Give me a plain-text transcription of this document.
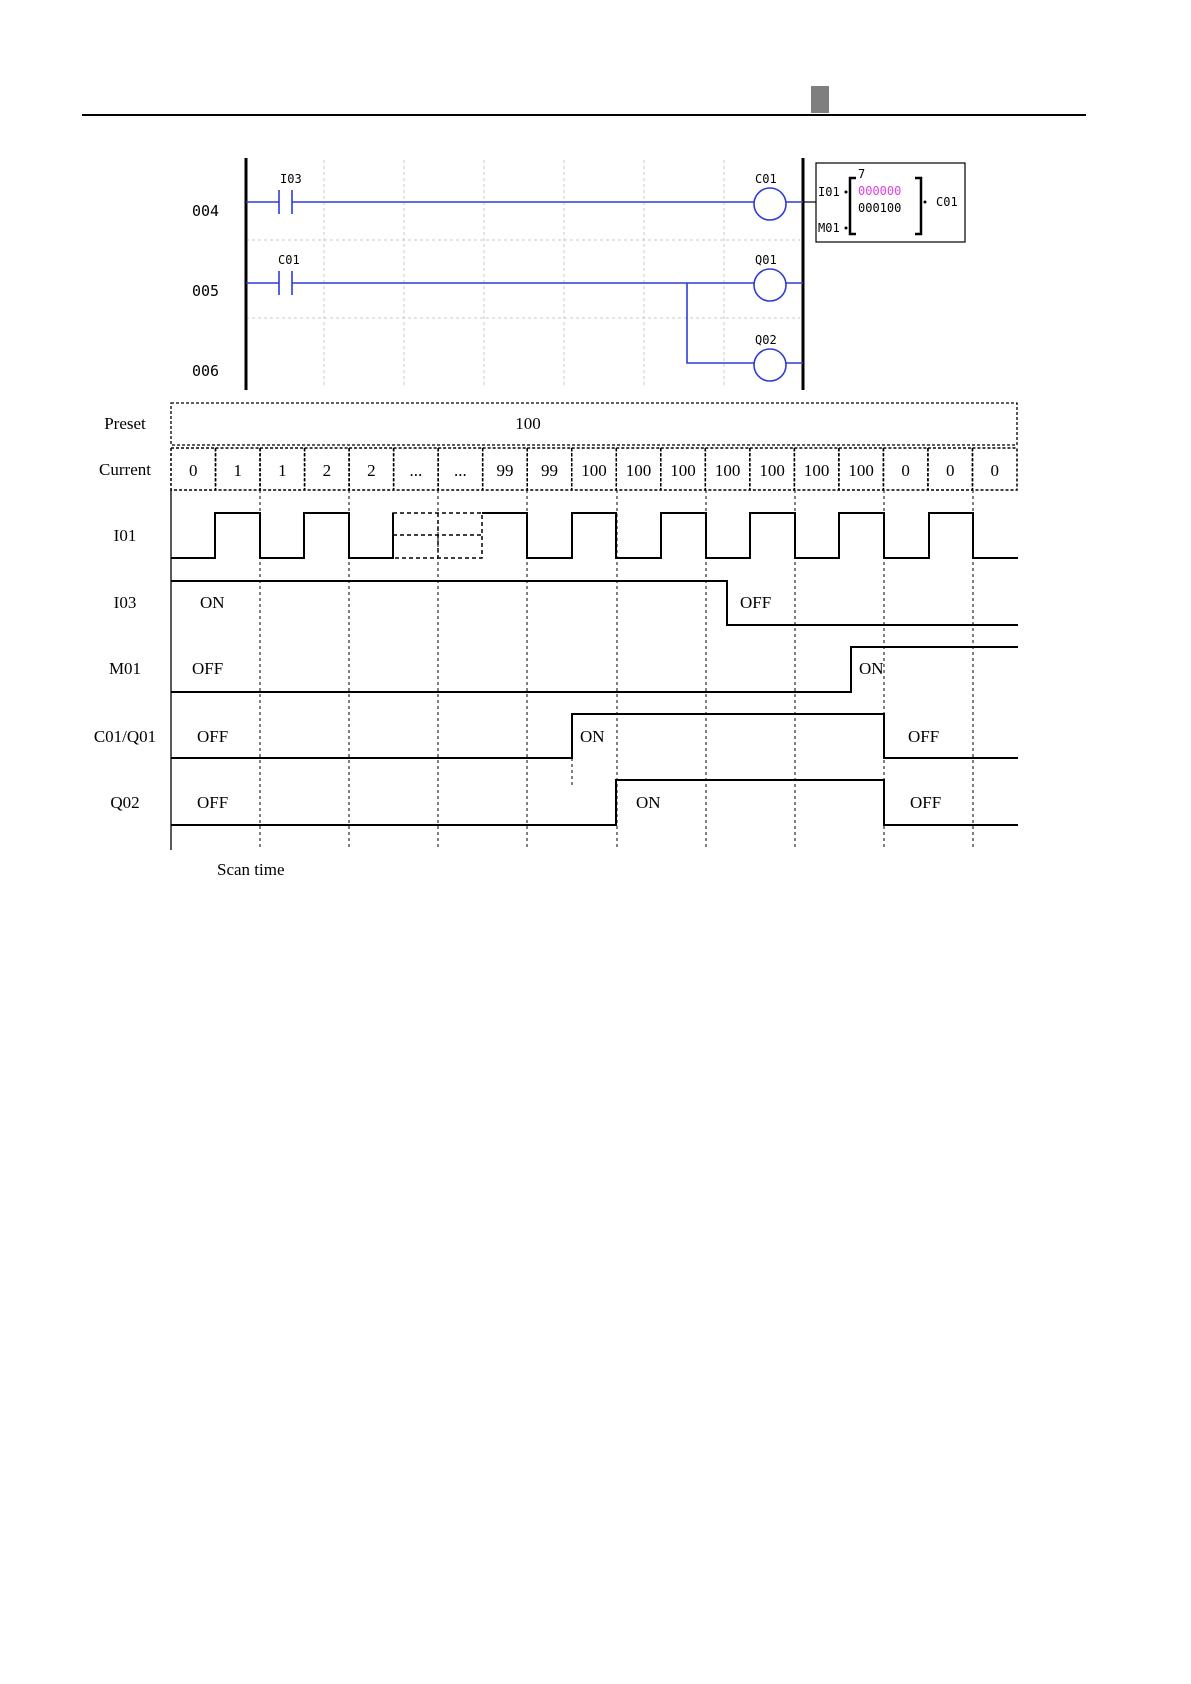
004
005
006
I03
C01
C01
Q01
Q02
7
000000
000100
I01
M01
C01
Preset
Current
I01
I03
M01
C01/Q01
Q02
100
0 1 1 2 2 ... ... 99 99 100 100 100 100 100 100 100 0 0 0
ON	OFF
OFF	ON
OFF	ON	OFF
OFF	ON	OFF
Scan time
